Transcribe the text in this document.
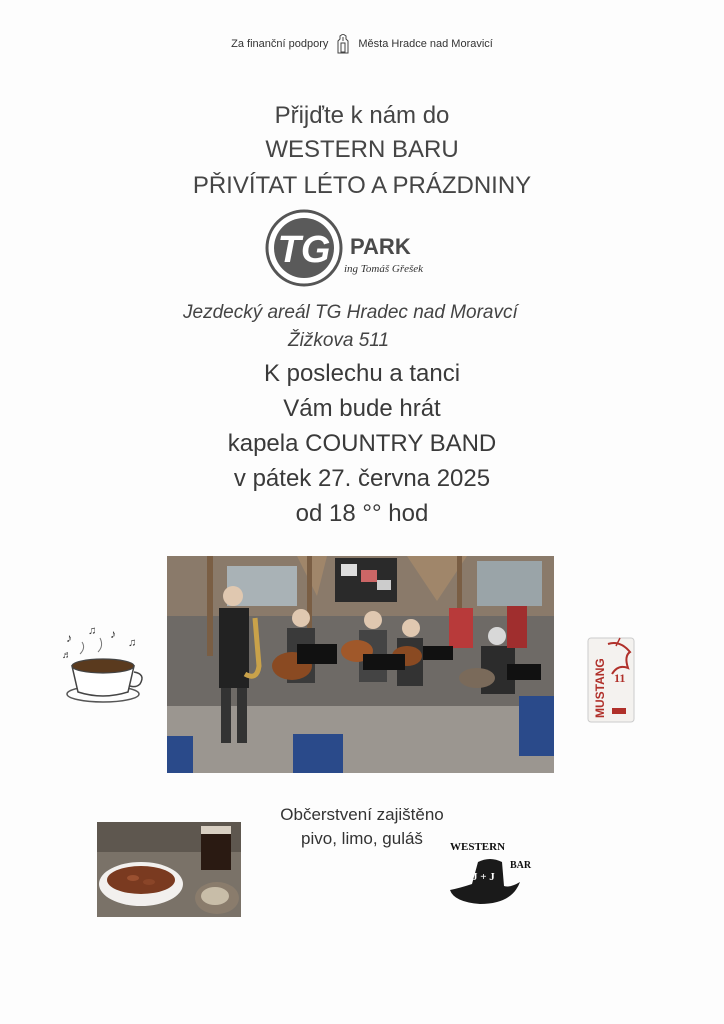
Za finanční podpory	Města Hradce nad Moravicí
Přijďte k nám do
WESTERN BARU
PŘIVÍTAT LÉTO A PRÁZDNINY
TG PARK
ing Tomáš Gřešek
Jezdecký areál TG Hradec nad Moravcí
Žižkova 511
K poslechu a tanci
Vám bude hrát
kapela COUNTRY BAND
v pátek 27. června 2025
od 18 °° hod
♪ ♫ ♪
♫
♬
MUSTANG 11
Občerstvení zajištěno
pivo, limo, guláš	WESTERN
J + J
BAR
